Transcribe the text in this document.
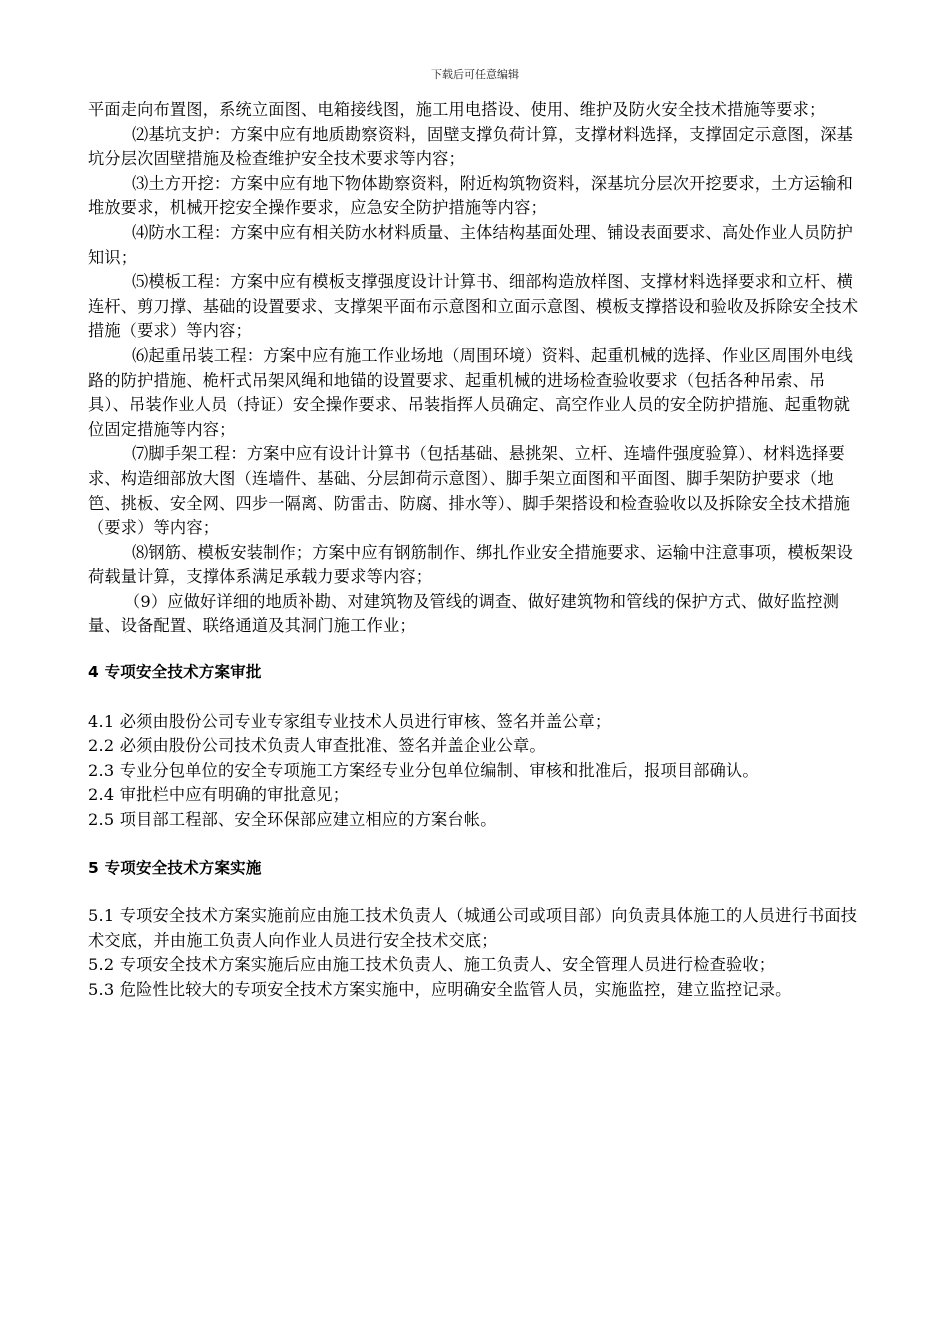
下载后可任意编辑

平面走向布置图，系统立面图、电箱接线图，施工用电搭设、使用、维护及防火安全技术措施等要求；

⑵基坑支护：方案中应有地质勘察资料，固壁支撑负荷计算，支撑材料选择，支撑固定示意图，深基坑分层次固壁措施及检查维护安全技术要求等内容；

⑶土方开挖：方案中应有地下物体勘察资料，附近构筑物资料，深基坑分层次开挖要求，土方运输和堆放要求，机械开挖安全操作要求，应急安全防护措施等内容；

⑷防水工程：方案中应有相关防水材料质量、主体结构基面处理、铺设表面要求、高处作业人员防护知识；

⑸模板工程：方案中应有模板支撑强度设计计算书、细部构造放样图、支撑材料选择要求和立杆、横连杆、剪刀撑、基础的设置要求、支撑架平面布示意图和立面示意图、模板支撑搭设和验收及拆除安全技术措施（要求）等内容；

⑹起重吊装工程：方案中应有施工作业场地（周围环境）资料、起重机械的选择、作业区周围外电线路的防护措施、桅杆式吊架风绳和地锚的设置要求、起重机械的进场检查验收要求（包括各种吊索、吊具）、吊装作业人员（持证）安全操作要求、吊装指挥人员确定、高空作业人员的安全防护措施、起重物就位固定措施等内容；

⑺脚手架工程：方案中应有设计计算书（包括基础、悬挑架、立杆、连墙件强度验算）、材料选择要求、构造细部放大图（连墙件、基础、分层卸荷示意图）、脚手架立面图和平面图、脚手架防护要求（地笆、挑板、安全网、四步一隔离、防雷击、防腐、排水等）、脚手架搭设和检查验收以及拆除安全技术措施（要求）等内容；

⑻钢筋、模板安装制作；方案中应有钢筋制作、绑扎作业安全措施要求、运输中注意事项，模板架设荷载量计算，支撑体系满足承载力要求等内容；

（9）应做好详细的地质补勘、对建筑物及管线的调查、做好建筑物和管线的保护方式、做好监控测量、设备配置、联络通道及其洞门施工作业；

4 专项安全技术方案审批

4.1 必须由股份公司专业专家组专业技术人员进行审核、签名并盖公章；

2.2 必须由股份公司技术负责人审查批准、签名并盖企业公章。

2.3 专业分包单位的安全专项施工方案经专业分包单位编制、审核和批准后，报项目部确认。

2.4 审批栏中应有明确的审批意见；

2.5 项目部工程部、安全环保部应建立相应的方案台帐。

5 专项安全技术方案实施

5.1 专项安全技术方案实施前应由施工技术负责人（城通公司或项目部）向负责具体施工的人员进行书面技术交底，并由施工负责人向作业人员进行安全技术交底；

5.2 专项安全技术方案实施后应由施工技术负责人、施工负责人、安全管理人员进行检查验收；

5.3 危险性比较大的专项安全技术方案实施中，应明确安全监管人员，实施监控，建立监控记录。
